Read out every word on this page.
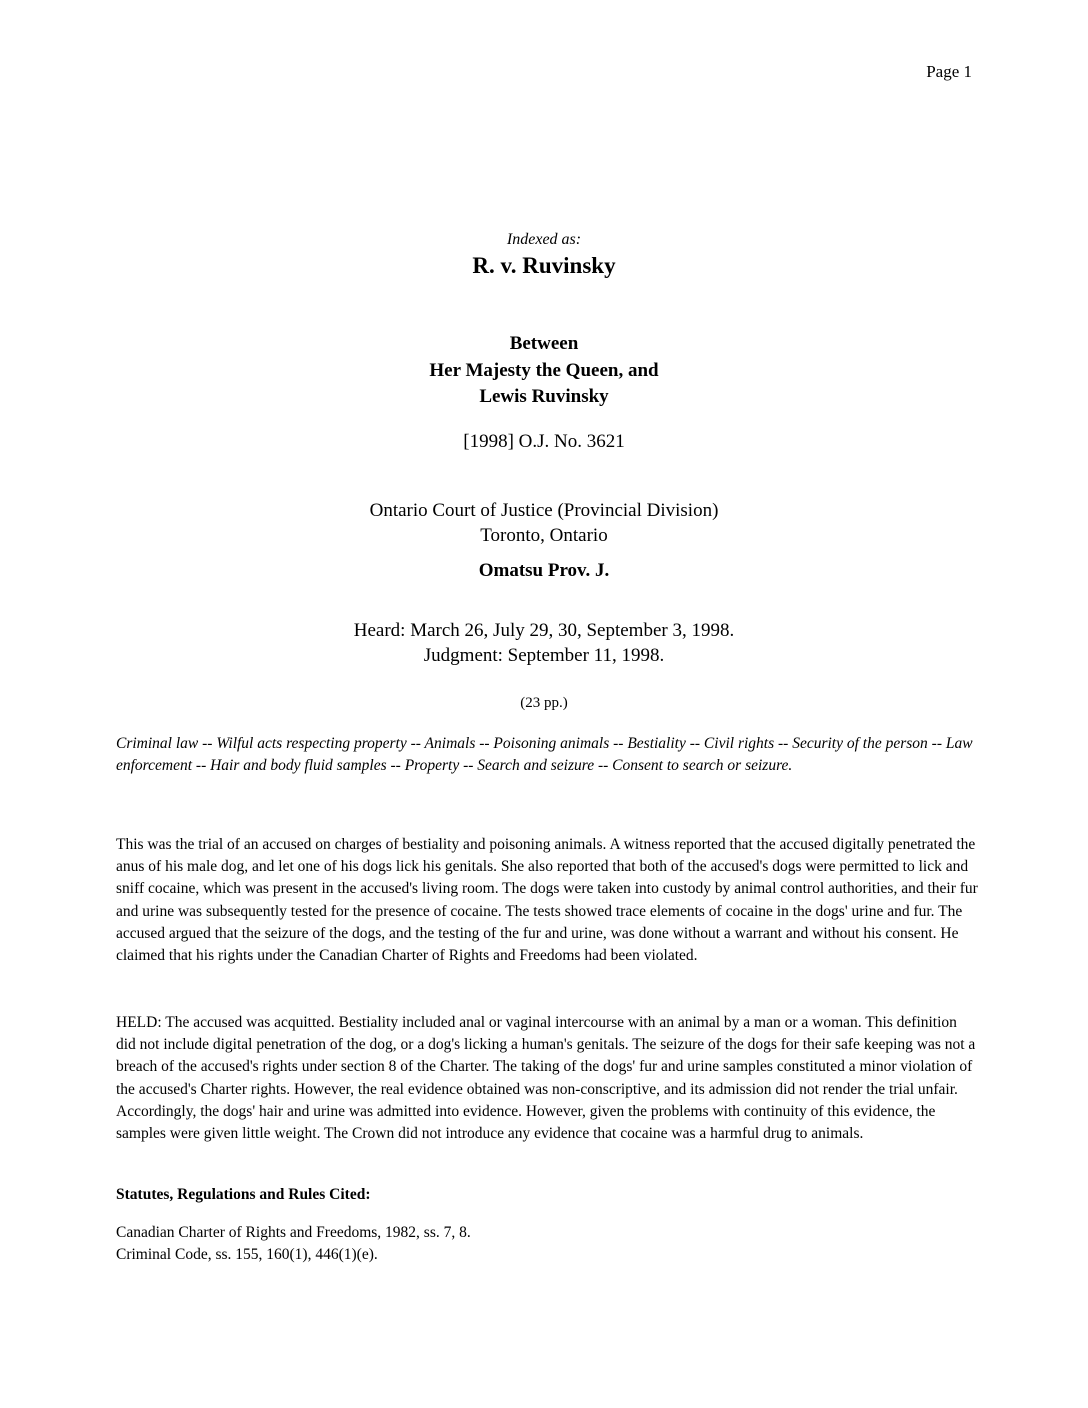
Page 1
Indexed as:
R. v. Ruvinsky
Between
Her Majesty the Queen, and
Lewis Ruvinsky
[1998] O.J. No. 3621
Ontario Court of Justice (Provincial Division)
Toronto, Ontario
Omatsu Prov. J.
Heard: March 26, July 29, 30, September 3, 1998.
Judgment: September 11, 1998.
(23 pp.)

Criminal law -- Wilful acts respecting property -- Animals -- Poisoning animals -- Bestiality -- Civil rights -- Security of the person -- Law enforcement -- Hair and body fluid samples -- Property -- Search and seizure -- Consent to search or seizure.

This was the trial of an accused on charges of bestiality and poisoning animals. A witness reported that the accused digitally penetrated the anus of his male dog, and let one of his dogs lick his genitals. She also reported that both of the accused's dogs were permitted to lick and sniff cocaine, which was present in the accused's living room. The dogs were taken into custody by animal control authorities, and their fur and urine was subsequently tested for the presence of cocaine. The tests showed trace elements of cocaine in the dogs' urine and fur. The accused argued that the seizure of the dogs, and the testing of the fur and urine, was done without a warrant and without his consent. He claimed that his rights under the Canadian Charter of Rights and Freedoms had been violated.

HELD: The accused was acquitted. Bestiality included anal or vaginal intercourse with an animal by a man or a woman. This definition did not include digital penetration of the dog, or a dog's licking a human's genitals. The seizure of the dogs for their safe keeping was not a breach of the accused's rights under section 8 of the Charter. The taking of the dogs' fur and urine samples constituted a minor violation of the accused's Charter rights. However, the real evidence obtained was non-conscriptive, and its admission did not render the trial unfair. Accordingly, the dogs' hair and urine was admitted into evidence. However, given the problems with continuity of this evidence, the samples were given little weight. The Crown did not introduce any evidence that cocaine was a harmful drug to animals.

Statutes, Regulations and Rules Cited:

Canadian Charter of Rights and Freedoms, 1982, ss. 7, 8.
Criminal Code, ss. 155, 160(1), 446(1)(e).
